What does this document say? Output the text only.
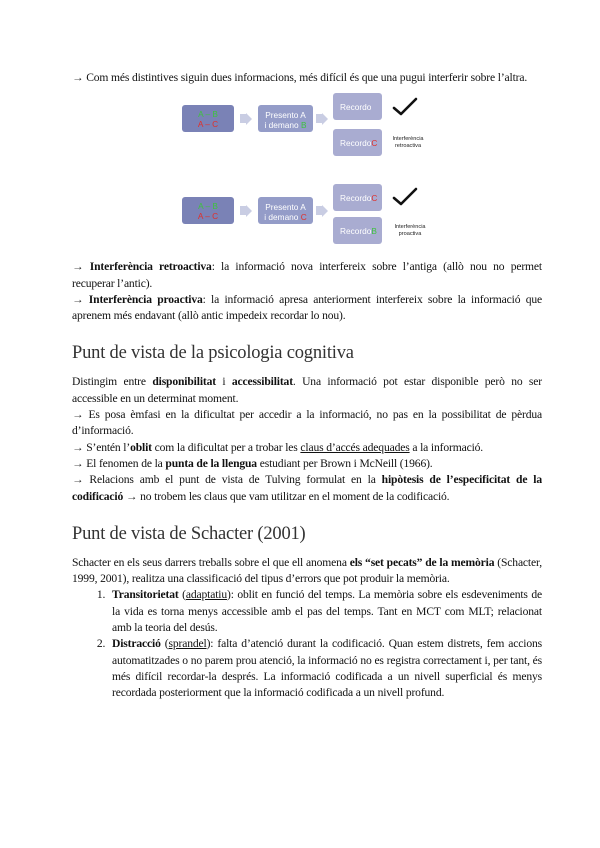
→ Com més distintives siguin dues informacions, més difícil és que una pugui interferir sobre l’altra.

A – B
A – C
Presento A
i demano B
Recordo
Recordo C	Interferència
retroactiva
A – B
A – C
Presento A
i demano C
Recordo C
Recordo B	Interferència
proactiva

→ Interferència retroactiva: la informació nova interfereix sobre l’antiga (allò nou no permet recuperar l’antic).

→ Interferència proactiva: la informació apresa anteriorment interfereix sobre la informació que aprenem més endavant (allò antic impedeix recordar lo nou).

Punt de vista de la psicologia cognitiva

Distingim entre disponibilitat i accessibilitat. Una informació pot estar disponible però no ser accessible en un determinat moment.

→ Es posa èmfasi en la dificultat per accedir a la informació, no pas en la possibilitat de pèrdua d’informació.

→ S’entén l’oblit com la dificultat per a trobar les claus d’accés adequades a la informació.

→ El fenomen de la punta de la llengua estudiant per Brown i McNeill (1966).

→ Relacions amb el punt de vista de Tulving formulat en la hipòtesis de l’especificitat de la codificació → no trobem les claus que vam utilitzar en el moment de la codificació.

Punt de vista de Schacter (2001)

Schacter en els seus darrers treballs sobre el que ell anomena els “set pecats” de la memòria (Schacter, 1999, 2001), realitza una classificació del tipus d’errors que pot produir la memòria.

1. Transitorietat (adaptatiu): oblit en funció del temps. La memòria sobre els esdeveniments de la vida es torna menys accessible amb el pas del temps. Tant en MCT com MLT; relacionat amb la teoria del desús.
2. Distracció (sprandel): falta d’atenció durant la codificació. Quan estem distrets, fem accions automatitzades o no parem prou atenció, la informació no es registra correctament i, per tant, és més difícil recordar-la després. La informació codificada a un nivell superficial és menys recordada posteriorment que la informació codificada a un nivell profund.
